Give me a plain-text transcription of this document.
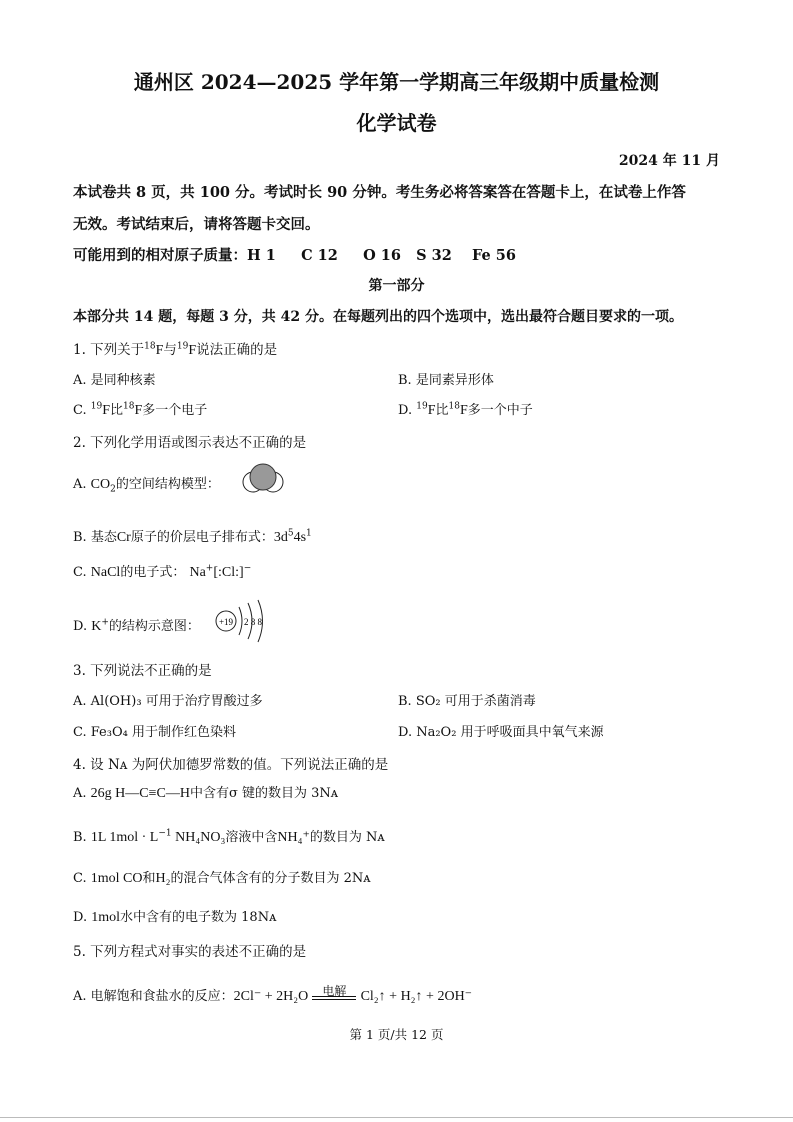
通州区 2024—2025 学年第一学期高三年级期中质量检测
化学试卷
2024 年 11 月
本试卷共 8 页，共 100 分。考试时长 90 分钟。考生务必将答案答在答题卡上，在试卷上作答
无效。考试结束后，请将答题卡交回。
可能用到的相对原子质量：H 1     C 12     O 16   S 32    Fe 56
第一部分
本部分共 14 题，每题 3 分，共 42 分。在每题列出的四个选项中，选出最符合题目要求的一项。
1. 下列关于$^{18}$F与$^{19}$F说法正确的是
A. 是同种核素	B. 是同素异形体
C. $^{19}$F比$^{18}$F多一个电子	D. $^{19}$F比$^{18}$F多一个中子
2. 下列化学用语或图示表达不正确的是
A. $CO_2$的空间结构模型：
B. 基态Cr原子的价层电子排布式：$3d^54s^1$
C. NaCl的电子式： Na+[:Cl:]−
D. K+的结构示意图： +19 2 8 8
3. 下列说法不正确的是
A. Al(OH)₃ 可用于治疗胃酸过多	B. SO₂ 可用于杀菌消毒
C. Fe₃O₄ 用于制作红色染料	D. Na₂O₂ 用于呼吸面具中氧气来源
4. 设 Nᴀ 为阿伏加德罗常数的值。下列说法正确的是
A. 26g H—C≡C—H中含有σ 键的数目为 3Nᴀ
B. 1L $1mol \cdot L^{-1}$ NH₄NO₃溶液中含NH₄⁺的数目为 Nᴀ
C. 1mol CO和H₂的混合气体含有的分子数目为 2Nᴀ
D. 1mol水中含有的电子数为 18Nᴀ
5. 下列方程式对事实的表述不正确的是
A. 电解饱和食盐水的反应：2Cl⁻ + 2H₂O	电解	Cl₂↑ + H₂↑ + 2OH⁻
第 1 页/共 12 页
